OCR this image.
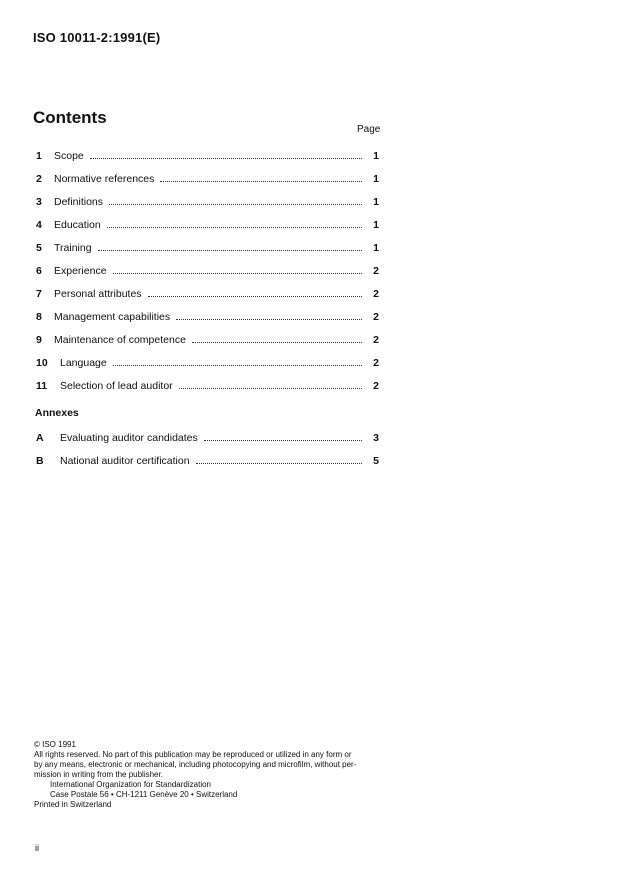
ISO 10011-2:1991(E)
Contents
Page
1	Scope	1
2	Normative references	1
3	Definitions	1
4	Education	1
5	Training	1
6	Experience	2
7	Personal attributes	2
8	Management capabilities	2
9	Maintenance of competence	2
10	Language	2
11	Selection of lead auditor	2
Annexes
A	Evaluating auditor candidates	3
B	National auditor certification	5
© ISO 1991
All rights reserved. No part of this publication may be reproduced or utilized in any form or
by any means, electronic or mechanical, including photocopying and microfilm, without per-
mission in writing from the publisher.
International Organization for Standardization
Case Postale 56 • CH-1211 Genève 20 • Switzerland
Printed in Switzerland
ii
